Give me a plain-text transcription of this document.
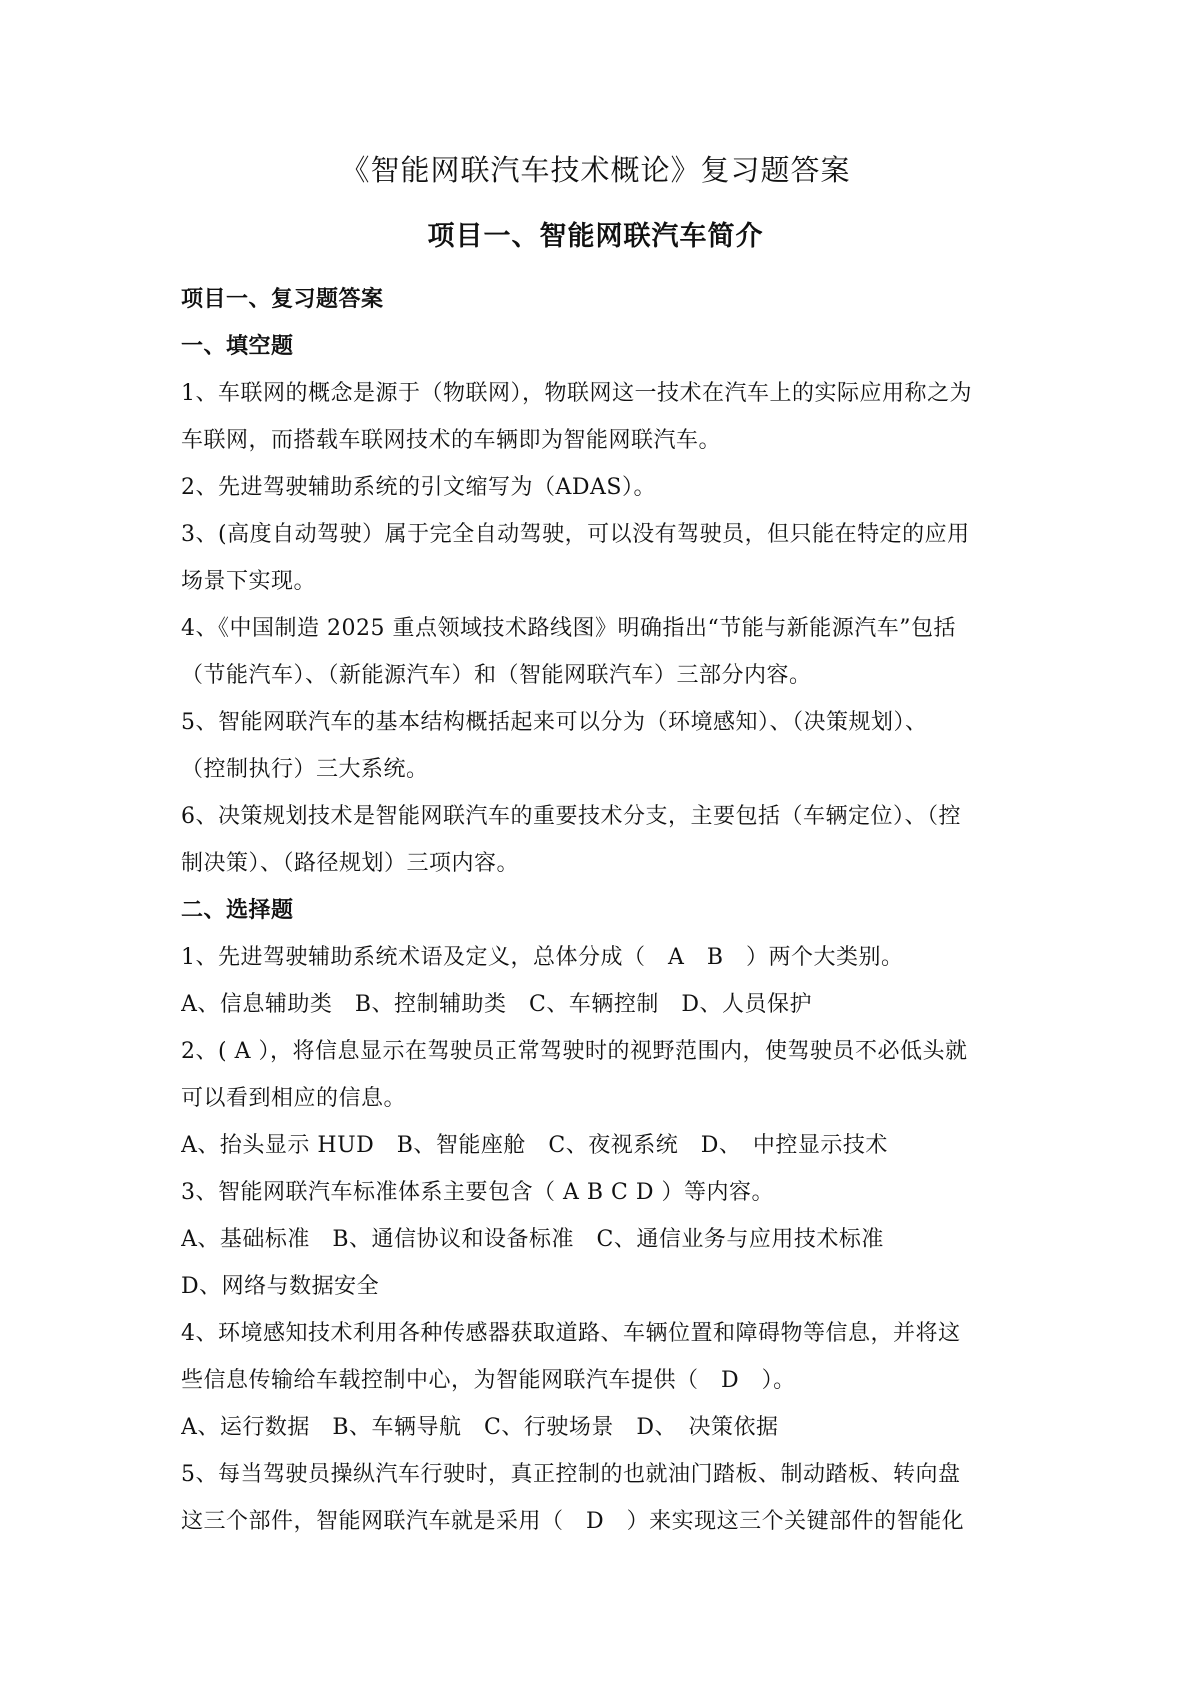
《智能网联汽车技术概论》复习题答案
项目一、智能网联汽车简介
项目一、复习题答案
一、填空题
1、车联网的概念是源于（物联网），物联网这一技术在汽车上的实际应用称之为
车联网，而搭载车联网技术的车辆即为智能网联汽车。
2、先进驾驶辅助系统的引文缩写为（ADAS）。
3、(高度自动驾驶）属于完全自动驾驶，可以没有驾驶员，但只能在特定的应用
场景下实现。
4、《中国制造 2025 重点领域技术路线图》明确指出“节能与新能源汽车”包括
（节能汽车）、（新能源汽车）和（智能网联汽车）三部分内容。
5、智能网联汽车的基本结构概括起来可以分为（环境感知）、（决策规划）、
（控制执行）三大系统。
6、决策规划技术是智能网联汽车的重要技术分支，主要包括（车辆定位）、（控
制决策）、（路径规划）三项内容。
二、选择题
1、先进驾驶辅助系统术语及定义，总体分成（　A　B　）两个大类别。
A、信息辅助类　B、控制辅助类　C、车辆控制　D、人员保护
2、( A ），将信息显示在驾驶员正常驾驶时的视野范围内，使驾驶员不必低头就
可以看到相应的信息。
A、抬头显示 HUD　B、智能座舱　C、夜视系统　D、　中控显示技术
3、智能网联汽车标准体系主要包含（ A B C D ）等内容。
A、基础标准　B、通信协议和设备标准　C、通信业务与应用技术标准
D、网络与数据安全
4、环境感知技术利用各种传感器获取道路、车辆位置和障碍物等信息，并将这
些信息传输给车载控制中心，为智能网联汽车提供（　D　）。
A、运行数据　B、车辆导航　C、行驶场景　D、　决策依据
5、每当驾驶员操纵汽车行驶时，真正控制的也就油门踏板、制动踏板、转向盘
这三个部件，智能网联汽车就是采用（　D　）来实现这三个关键部件的智能化
